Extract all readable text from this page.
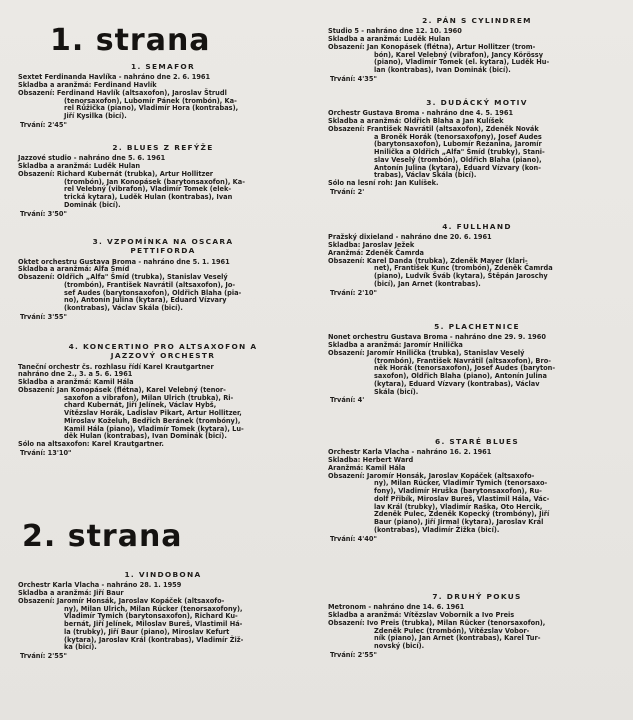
1. strana
1. SEMAFOR

Sextet Ferdinanda Havlíka - nahráno dne 2. 6. 1961

Skladba a aranžmá: Ferdinand Havlík

Obsazení: Ferdinand Havlík (altsaxofon), Jaroslav Štrudl
(tenorsaxofon), Lubomír Pánek (trombón), Ka-
rel Růžička (piano), Vladimír Hora (kontrabas),
Jiří Kysilka (bicí).

Trvání: 2'45"

2. BLUES Z REFÝŽE

Jazzové studio - nahráno dne 5. 6. 1961

Skladba a aranžmá: Luděk Hulan

Obsazení: Richard Kubernát (trubka), Artur Hollitzer
(trombón), Jan Konopásek (barytonsaxofon), Ka-
rel Velebný (vibrafon), Vladimír Tomek (elek-
trická kytara), Luděk Hulan (kontrabas), Ivan
Dominák (bicí).

Trvání: 3'50"

3. VZPOMÍNKA NA OSCARA PETTIFORDA

Oktet orchestru Gustava Broma - nahráno dne 5. 1. 1961

Skladba a aranžmá: Alfa Šmíd

Obsazení: Oldřich „Alfa" Šmíd (trubka), Stanislav Veselý
(trombón), František Navrátil (altsaxofon), Jo-
sef Audes (barytonsaxofon), Oldřich Blaha (pia-
no), Antonín Julina (kytara), Eduard Vízvary
(kontrabas), Václav Skála (bicí).

Trvání: 3'55"

4. KONCERTINO PRO ALTSAXOFON A JAZZOVÝ ORCHESTR

Taneční orchestr čs. rozhlasu řídí Karel Krautgartner

nahráno dne 2., 3. a 5. 6. 1961

Skladba a aranžmá: Kamil Hála

Obsazení: Jan Konopásek (flétna), Karel Velebný (tenor-
saxofon a vibrafon), Milan Ulrich (trubka), Ri-
chard Kubernát, Jiří Jelínek, Václav Hybš,
Vítězslav Horák, Ladislav Pikart, Artur Hollitzer,
Miroslav Koželuh, Bedřich Beránek (trombóny),
Kamil Hála (piano), Vladimír Tomek (kytara), Lu-
děk Hulan (kontrabas), Ivan Dominák (bicí).

Sólo na altsaxofon: Karel Krautgartner.

Trvání: 13'10"

2. strana
1. VINDOBONA

Orchestr Karla Vlacha - nahráno 28. 1. 1959

Skladba a aranžmá: Jiří Baur

Obsazení: Jaromír Honsák, Jaroslav Kopáček (altsaxofo-
ny), Milan Ulrich, Milan Rücker (tenorsaxofony),
Vladimír Tymich (barytonsaxofon), Richard Ku-
bernát, Jiří Jelínek, Miloslav Bureš, Vlastimil Há-
la (trubky), Jiří Baur (piano), Miroslav Kefurt
(kytara), Jaroslav Král (kontrabas), Vladimír Žiž-
ka (bicí).

Trvání: 2'55"

2. PÁN S CYLINDREM

Studio 5 - nahráno dne 12. 10. 1960

Skladba a aranžmá: Luděk Hulan

Obsazení: Jan Konopásek (flétna), Artur Hollitzer (trom-
bón), Karel Velebný (vibrafon), Jancy Körössy
(piano), Vladimír Tomek (el. kytara), Luděk Hu-
lan (kontrabas), Ivan Dominák (bicí).

Trvání: 4'35"

3. DUDÁCKÝ MOTIV

Orchestr Gustava Broma - nahráno dne 4. 5. 1961

Skladba a aranžmá: Oldřich Blaha a Jan Kulíšek

Obsazení: František Navrátil (altsaxofon), Zdeněk Novák
a Broněk Horák (tenorsaxofony), Josef Audes
(barytonsaxofon), Lubomír Řezanina, Jaromír
Hnilička a Oldřich „Alfa" Šmíd (trubky), Stani-
slav Veselý (trombón), Oldřich Blaha (piano),
Antonín Julina (kytara), Eduard Vízvary (kon-
trabas), Václav Skála (bicí).

Sólo na lesní roh: Jan Kulíšek.

Trvání: 2'

4. FULLHAND

Pražský dixieland - nahráno dne 20. 6. 1961

Skladba: Jaroslav Ježek

Aranžmá: Zdeněk Čamrda

Obsazení: Karel Danda (trubka), Zdeněk Mayer (klari-
net), František Kunc (trombón), Zdeněk Čamrda
(piano), Ludvík Šváb (kytara), Štěpán Jaroschy
(bicí), Jan Arnet (kontrabas).

Trvání: 2'10"

5. PLACHETNICE

Nonet orchestru Gustava Broma - nahráno dne 29. 9. 1960

Skladba a aranžmá: Jaromír Hnilička

Obsazení: Jaromír Hnilička (trubka), Stanislav Veselý
(trombón), František Navrátil (altsaxofon), Bro-
něk Horák (tenorsaxofon), Josef Audes (baryton-
saxofon), Oldřich Blaha (piano), Antonín Julina
(kytara), Eduard Vízvary (kontrabas), Václav
Skála (bicí).

Trvání: 4'

6. STARÉ BLUES

Orchestr Karla Vlacha - nahráno 16. 2. 1961

Skladba: Herbert Ward

Aranžmá: Kamil Hála

Obsazení: Jaromír Honsák, Jaroslav Kopáček (altsaxofo-
ny), Milan Rücker, Vladimír Tymich (tenorsaxo-
fony), Vladimír Hruška (barytonsaxofon), Ru-
dolf Přibík, Miroslav Bureš, Vlastimil Hála, Vác-
lav Král (trubky), Vladimír Raška, Oto Hercik,
Zdeněk Pulec, Zdeněk Kopecký (trombóny), Jiří
Baur (piano), Jiří Jirmal (kytara), Jaroslav Král
(kontrabas), Vladimír Žižka (bicí).

Trvání: 4'40"

7. DRUHÝ POKUS

Metronom - nahráno dne 14. 6. 1961

Skladba a aranžmá: Vítězslav Vobornik a Ivo Preis

Obsazení: Ivo Preis (trubka), Milan Rücker (tenorsaxofon),
Zdeněk Pulec (trombón), Vítězslav Vobor-
ník (piano), Jan Arnet (kontrabas), Karel Tur-
novský (bicí).

Trvání: 2'55"
